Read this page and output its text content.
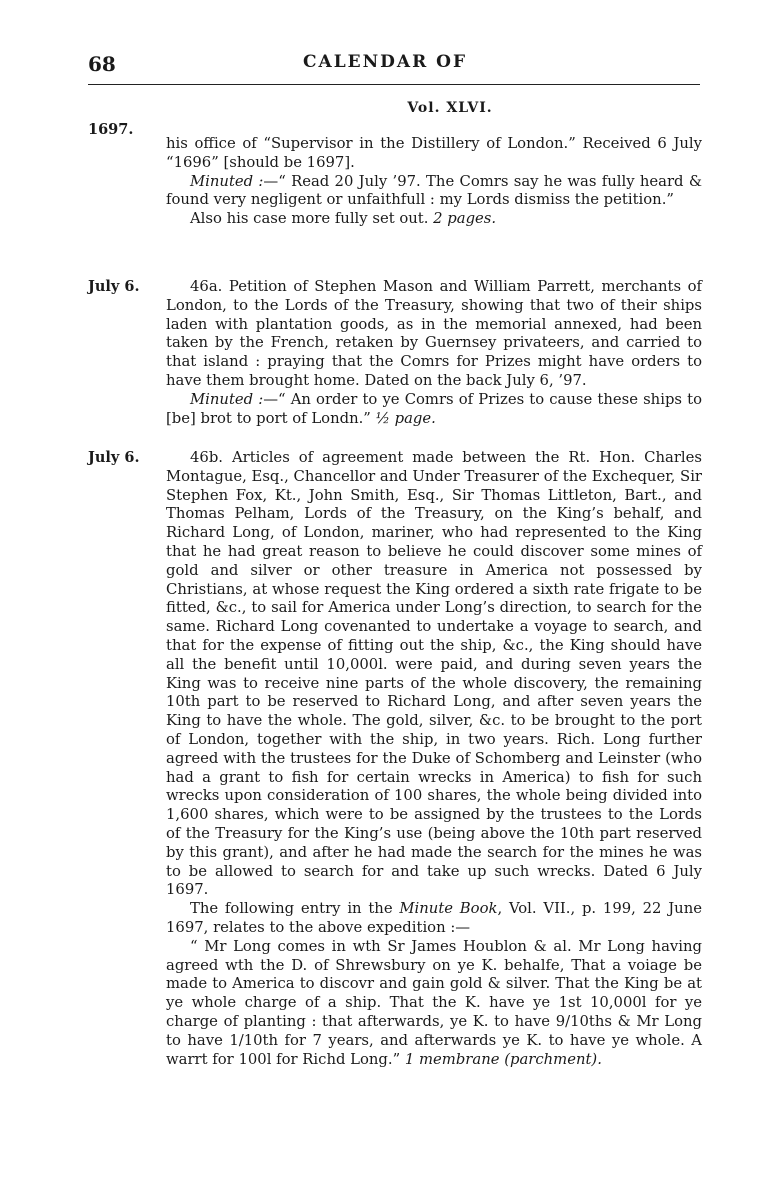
68	CALENDAR OF
Vol. XLVI.
1697.

his office of “Supervisor in the Distillery of London.” Received 6 July “1696” [should be 1697].

Minuted :—“ Read 20 July ’97. The Comrs say he was fully heard & found very negligent or unfaithfull : my Lords dismiss the petition.”

Also his case more fully set out. 2 pages.

July 6.	46a. Petition of Stephen Mason and William Parrett, merchants of London, to the Lords of the Treasury, showing that two of their ships laden with plantation goods, as in the memorial annexed, had been taken by the French, retaken by Guernsey privateers, and carried to that island : praying that the Comrs for Prizes might have orders to have them brought home. Dated on the back July 6, ’97.

Minuted :—“ An order to ye Comrs of Prizes to cause these ships to [be] brot to port of Londn.” ½ page.

July 6.	46b. Articles of agreement made between the Rt. Hon. Charles Montague, Esq., Chancellor and Under Treasurer of the Exchequer, Sir Stephen Fox, Kt., John Smith, Esq., Sir Thomas Littleton, Bart., and Thomas Pelham, Lords of the Treasury, on the King’s behalf, and Richard Long, of London, mariner, who had represented to the King that he had great reason to believe he could discover some mines of gold and silver or other treasure in America not possessed by Christians, at whose request the King ordered a sixth rate frigate to be fitted, &c., to sail for America under Long’s direction, to search for the same. Richard Long covenanted to undertake a voyage to search, and that for the expense of fitting out the ship, &c., the King should have all the benefit until 10,000l. were paid, and during seven years the King was to receive nine parts of the whole discovery, the remaining 10th part to be reserved to Richard Long, and after seven years the King to have the whole. The gold, silver, &c. to be brought to the port of London, together with the ship, in two years. Rich. Long further agreed with the trustees for the Duke of Schomberg and Leinster (who had a grant to fish for certain wrecks in America) to fish for such wrecks upon consideration of 100 shares, the whole being divided into 1,600 shares, which were to be assigned by the trustees to the Lords of the Treasury for the King’s use (being above the 10th part reserved by this grant), and after he had made the search for the mines he was to be allowed to search for and take up such wrecks. Dated 6 July 1697.

The following entry in the Minute Book, Vol. VII., p. 199, 22 June 1697, relates to the above expedition :—

“ Mr Long comes in wth Sr James Houblon & al. Mr Long having agreed wth the D. of Shrewsbury on ye K. behalfe, That a voiage be made to America to discovr and gain gold & silver. That the King be at ye whole charge of a ship. That the K. have ye 1st 10,000l for ye charge of planting : that afterwards, ye K. to have 9/10ths & Mr Long to have 1/10th for 7 years, and afterwards ye K. to have ye whole. A warrt for 100l for Richd Long.” 1 membrane (parchment).
